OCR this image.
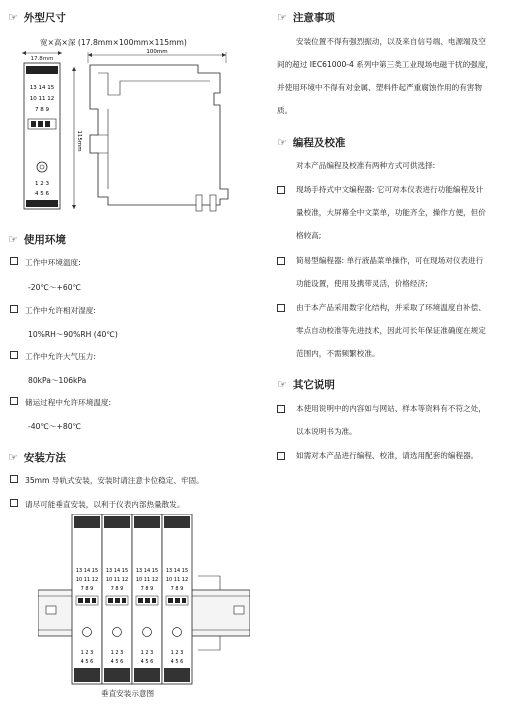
☞ 外型尺寸
宽×高×深 (17.8mm×100mm×115mm)
17.8mm
13 14 15
10 11 12
7 8 9
1 2 3
4 5 6
100mm
115mm
☞ 使用环境
工作中环境温度:
-20℃～+60℃
工作中允许相对湿度:
10%RH～90%RH (40℃)
工作中允许大气压力:
80kPa～106kPa
储运过程中允许环境温度:
-40℃～+80℃
☞ 安装方法
35mm 导轨式安装，安装时请注意卡位稳定、牢固。
请尽可能垂直安装，以利于仪表内部热量散发。
13 14 15
10 11 12
7 8 9
1 2 3
4 5 6
13 14 15
10 11 12
7 8 9
1 2 3
4 5 6
13 14 15
10 11 12
7 8 9
1 2 3
4 5 6
13 14 15
10 11 12
7 8 9
1 2 3
4 5 6
垂直安装示意图
☞ 注意事项
安装位置不得有强烈振动，以及来自信号端、电源端及空
间的超过 IEC61000-4 系列中第三类工业现场电磁干扰的强度，
并使用环境中不得有对金属、塑料件起严重腐蚀作用的有害物
质。
☞ 编程及校准
对本产品编程及校准有两种方式可供选择:
现场手持式中文编程器: 它可对本仪表进行功能编程及计
量校准，大屏幕全中文菜单，功能齐全，操作方便，但价
格较高;
简易型编程器: 单行液晶菜单操作，可在现场对仪表进行
功能设置，使用及携带灵活，价格经济;
由于本产品采用数字化结构，并采取了环境温度自补偿、
零点自动校准等先进技术，因此可长年保证准确度在规定
范围内，不需频繁校准。
☞ 其它说明
本使用说明中的内容如与网站、样本等资料有不符之处，
以本说明书为准。
如需对本产品进行编程、校准，请选用配套的编程器。
